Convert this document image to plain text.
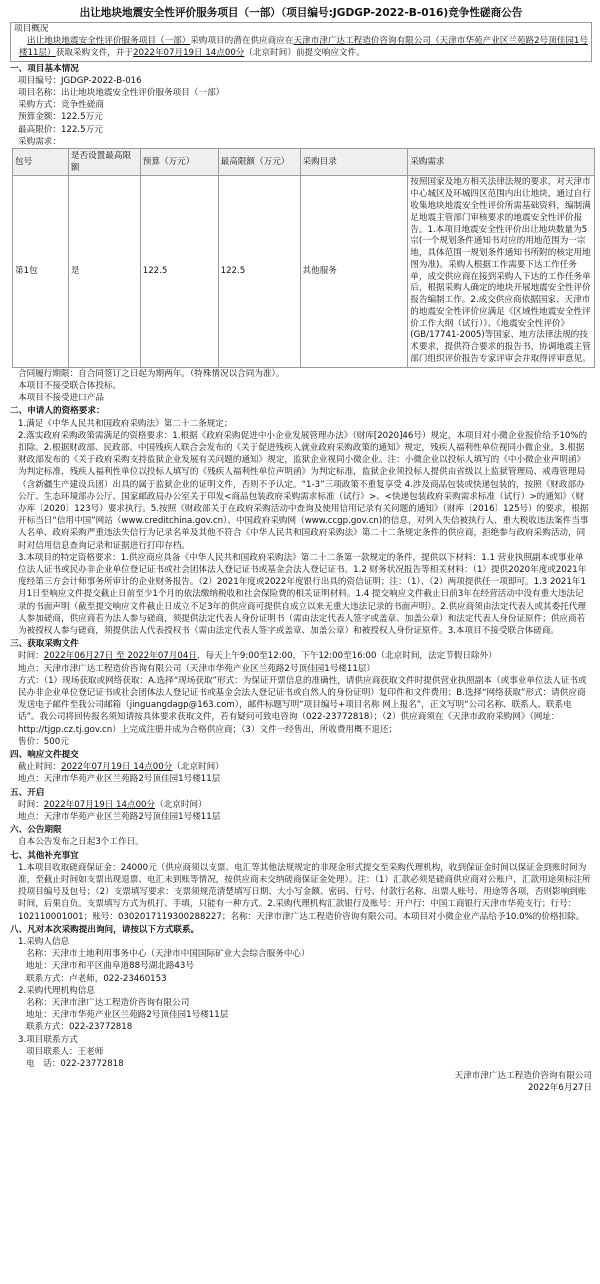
出让地块地震安全性评价服务项目（一部）（项目编号:JGDGP-2022-B-016)竞争性磋商公告
项目概况
出让地块地震安全性评价服务项目（一部）采购项目的潜在供应商应在天津市津广达工程造价咨询有限公司（天津市华苑产业区兰苑路2号顶佳园1号楼11层）获取采购文件，并于2022年07月19日 14点00分（北京时间）前提交响应文件。
一、项目基本情况

项目编号：JGDGP-2022-B-016

项目名称：出让地块地震安全性评价服务项目（一部）

采购方式：竞争性磋商

预算金额：122.5万元

最高限价：122.5万元

采购需求：

包号	是否设置最高限额	预算（万元）	最高限额（万元）	采购目录	采购需求
第1包	是	122.5	122.5	其他服务	按照国家及地方相关法律法规的要求，对天津市中心城区及环城四区范围内出让地块，通过自行收集地块地震安全性评价所需基础资料，编制满足地震主管部门审核要求的地震安全性评价报告。1.本项目地震安全性评价出让地块数量为5宗(一个规划条件通知书对应的用地范围为一宗地，具体范围一规划条件通知书所附的核定用地图为准)。采购人根据工作需要下达工作任务单，成交供应商在接到采购人下达的工作任务单后，根据采购人确定的地块开展地震安全性评价报告编制工作。2.成交供应商依据国家、天津市的地震安全性评价应满足《区域性地震安全性评价工作大纲（试行）》、《地震安全性评价》(GB/17741-2005)等国家、地方法律法规的技术要求，提供符合要求的报告书，协调地震主管部门组织评价报告专家评审会并取得评审意见。

合同履行期限：自合同签订之日起为期两年。（特殊情况以合同为准）。

本项目不接受联合体投标。

本项目不接受进口产品

二、申请人的资格要求：

1.满足《中华人民共和国政府采购法》第二十二条规定；

2.落实政府采购政策需满足的资格要求：1.根据《政府采购促进中小企业发展管理办法》（财库[2020]46号）规定，本项目对小微企业报价给予10%的扣除。2.根据财政部、民政部、中国残疾人联合会发布的《关于促进残疾人就业政府采购政策的通知》规定，残疾人福利性单位视同小微企业。3.根据财政部发布的《关于政府采购支持监狱企业发展有关问题的通知》规定，监狱企业视同小微企业。注：小微企业以投标人填写的《中小微企业声明函》为判定标准，残疾人福利性单位以投标人填写的《残疾人福利性单位声明函》为判定标准，监狱企业须投标人提供由省级以上监狱管理局、戒毒管理局（含新疆生产建设兵团）出具的属于监狱企业的证明文件，否则不予认定。“1-3”三项政策不重复享受 4.涉及商品包装或快递包装的，按照《财政部办公厅、生态环境部办公厅、国家邮政局办公室关于印发<商品包装政府采购需求标准（试行）>、<快递包装政府采购需求标准（试行）>的通知》（财办库〔2020〕123号）要求执行。5.按照《财政部关于在政府采购活动中查询及使用信用记录有关问题的通知》（财库〔2016〕125号）的要求，根据开标当日“信用中国”网站（www.creditchina.gov.cn）、中国政府采购网（www.ccgp.gov.cn)的信息，对列入失信被执行人、重大税收违法案件当事人名单、政府采购严重违法失信行为记录名单及其他不符合《中华人民共和国政府采购法》第二十二条规定条件的供应商，拒绝参与政府采购活动，同时对信用信息查询记录和证据进行打印存档。

3.本项目的特定资格要求：1.供应商应具备《中华人民共和国政府采购法》第二十二条第一款规定的条件，提供以下材料：1.1 营业执照副本或事业单位法人证书或民办非企业单位登记证书或社会团体法人登记证书或基金会法人登记证书。1.2 财务状况报告等相关材料：（1）提供2020年度或2021年度经第三方会计师事务所审计的企业财务报告。（2）2021年度或2022年度银行出具的资信证明；注：（1）、（2）两项提供任一项即可。1.3 2021年1月1日至响应文件提交截止日前至少1个月的依法缴纳税收和社会保险费的相关证明材料。1.4 提交响应文件截止日前3年在经营活动中没有重大违法记录的书面声明（截至提交响应文件截止日成立不足3年的供应商可提供自成立以来无重大违法记录的书面声明）。2.供应商须由法定代表人或其委托代理人参加磋商，供应商若为法人参与磋商，须提供法定代表人身份证明书（需由法定代表人签字或盖章、加盖公章）和法定代表人身份证原件；供应商若为被授权人参与磋商，须提供法人代表授权书（需由法定代表人签字或盖章、加盖公章）和被授权人身份证原件。3.本项目不接受联合体磋商。

三、获取采购文件

时间：2022年06月27日 至 2022年07月04日，每天上午9:00至12:00，下午12:00至16:00（北京时间，法定节假日除外）

地点：天津市津广达工程造价咨询有限公司（天津市华苑产业区兰苑路2号顶佳园1号楼11层）

方式：（1）现场获取或网络获取：A.选择“现场获取”形式：为保证开票信息的准确性，请供应商获取文件时提供营业执照副本（或事业单位法人证书或民办非企业单位登记证书或社会团体法人登记证书或基金会法人登记证书或自然人的身份证明）复印件和文件费用；B.选择“网络获取”形式：请供应商发送电子邮件至我公司邮箱（jinguangdagp@163.com），邮件标题写明“项目编号+项目名称 网上报名”，正文写明“公司名称、联系人、联系电话”。我公司将回传报名须知请按具体要求获取文件，若有疑问可致电咨询（022-23772818）；（2）供应商须在《天津市政府采购网》（网址：http://tjgp.cz.tj.gov.cn）上完成注册并成为合格供应商；（3）文件一经售出，所收费用概不退还；

售价：500元

四、响应文件提交

截止时间：2022年07月19日 14点00分（北京时间）

地点：天津市华苑产业区兰苑路2号顶佳园1号楼11层

五、开启

时间：2022年07月19日 14点00分（北京时间）

地点：天津市华苑产业区兰苑路2号顶佳园1号楼11层

六、公告期限
自本公告发布之日起3个工作日。
七、其他补充事宜
1.本项目收取磋商保证金：24000元（供应商须以支票、电汇等其他法规规定的非现金形式提交至采购代理机构，收到保证金时间以保证金到账时间为准，至截止时间如支票出现退票、电汇未到账等情况，按供应商未交纳磋商保证金处理）。注：（1）汇款必须是磋商供应商对公账户，汇款用途须标注所投项目编号及包号；（2）支票填写要求：支票须规范清楚填写日期、大小写金额、密码、行号、付款行名称、出票人账号、用途等各项，否则影响到账时间，后果自负。支票填写方式为机打、手填，只能有一种方式。2.采购代理机构汇款银行及账号：开户行：中国工商银行天津市华苑支行；行号：102110001001；账号：0302017119300288227；名称：天津市津广达工程造价咨询有限公司。本项目对小微企业产品给予10.0%的价格扣除。
八、凡对本次采购提出询问，请按以下方式联系。

1.采购人信息

名称：天津市土地利用事务中心（天津市中国国际矿业大会综合服务中心）

地址：天津市和平区曲阜道88号湖北路43号

联系方式：卢老师，022-23460153

2.采购代理机构信息

名称：天津市津广达工程造价咨询有限公司

地址：天津市华苑产业区兰苑路2号顶佳园1号楼11层

联系方式：022-23772818

3.项目联系方式

项目联系人：王老师

电　话：022-23772818

天津市津广达工程造价咨询有限公司

2022年6月27日
